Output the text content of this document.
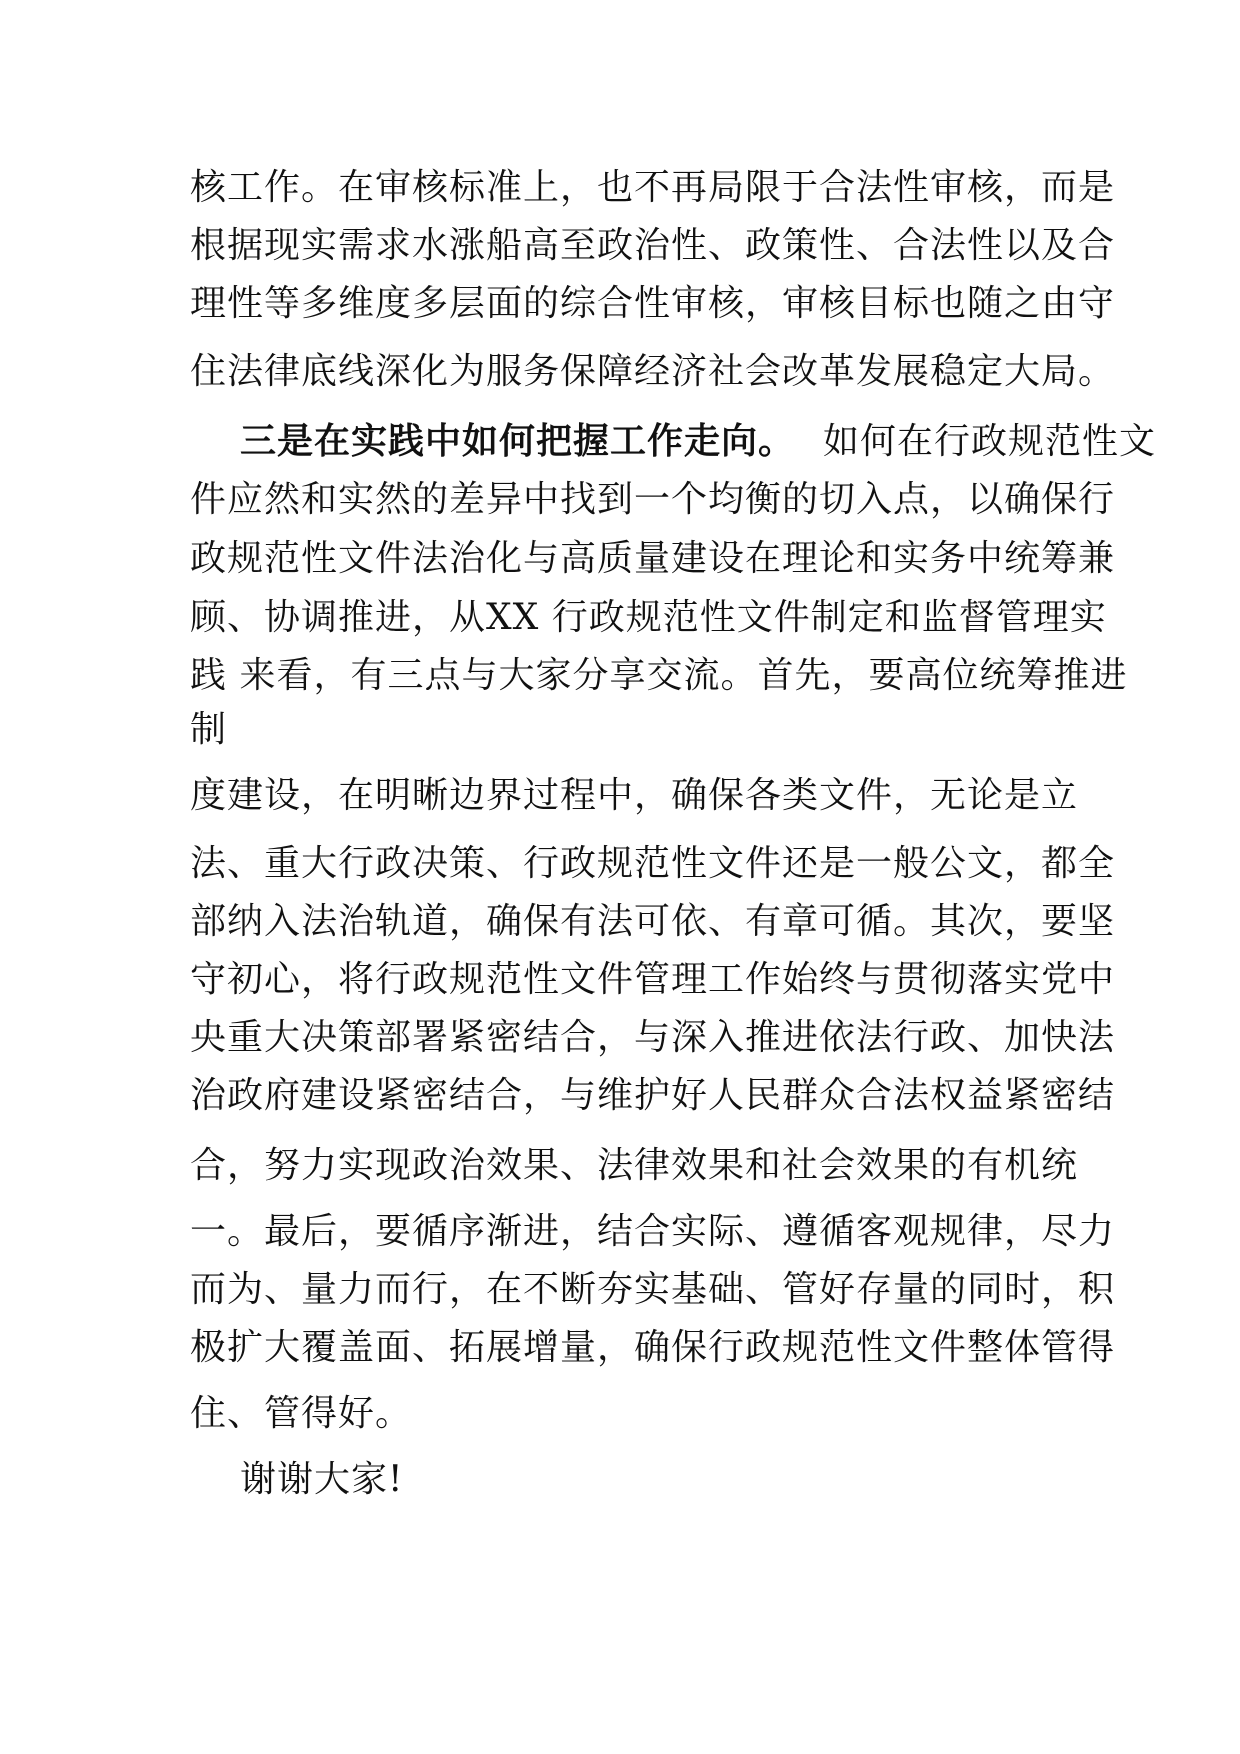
核工作。在审核标准上，也不再局限于合法性审核，而是
根据现实需求水涨船高至政治性、政策性、合法性以及合
理性等多维度多层面的综合性审核，审核目标也随之由守
住法律底线深化为服务保障经济社会改革发展稳定大局。
三是在实践中如何把握工作走向。 如何在行政规范性文
件应然和实然的差异中找到一个均衡的切入点，以确保行
政规范性文件法治化与高质量建设在理论和实务中统筹兼
顾、协调推进，从XX 行政规范性文件制定和监督管理实
践 来看，有三点与大家分享交流。首先，要高位统筹推进
制
度建设，在明晰边界过程中，确保各类文件，无论是立
法、重大行政决策、行政规范性文件还是一般公文，都全
部纳入法治轨道，确保有法可依、有章可循。其次，要坚
守初心，将行政规范性文件管理工作始终与贯彻落实党中
央重大决策部署紧密结合，与深入推进依法行政、加快法
治政府建设紧密结合，与维护好人民群众合法权益紧密结
合，努力实现政治效果、法律效果和社会效果的有机统
一。最后，要循序渐进，结合实际、遵循客观规律，尽力
而为、量力而行，在不断夯实基础、管好存量的同时，积
极扩大覆盖面、拓展增量，确保行政规范性文件整体管得
住、管得好。
谢谢大家!
